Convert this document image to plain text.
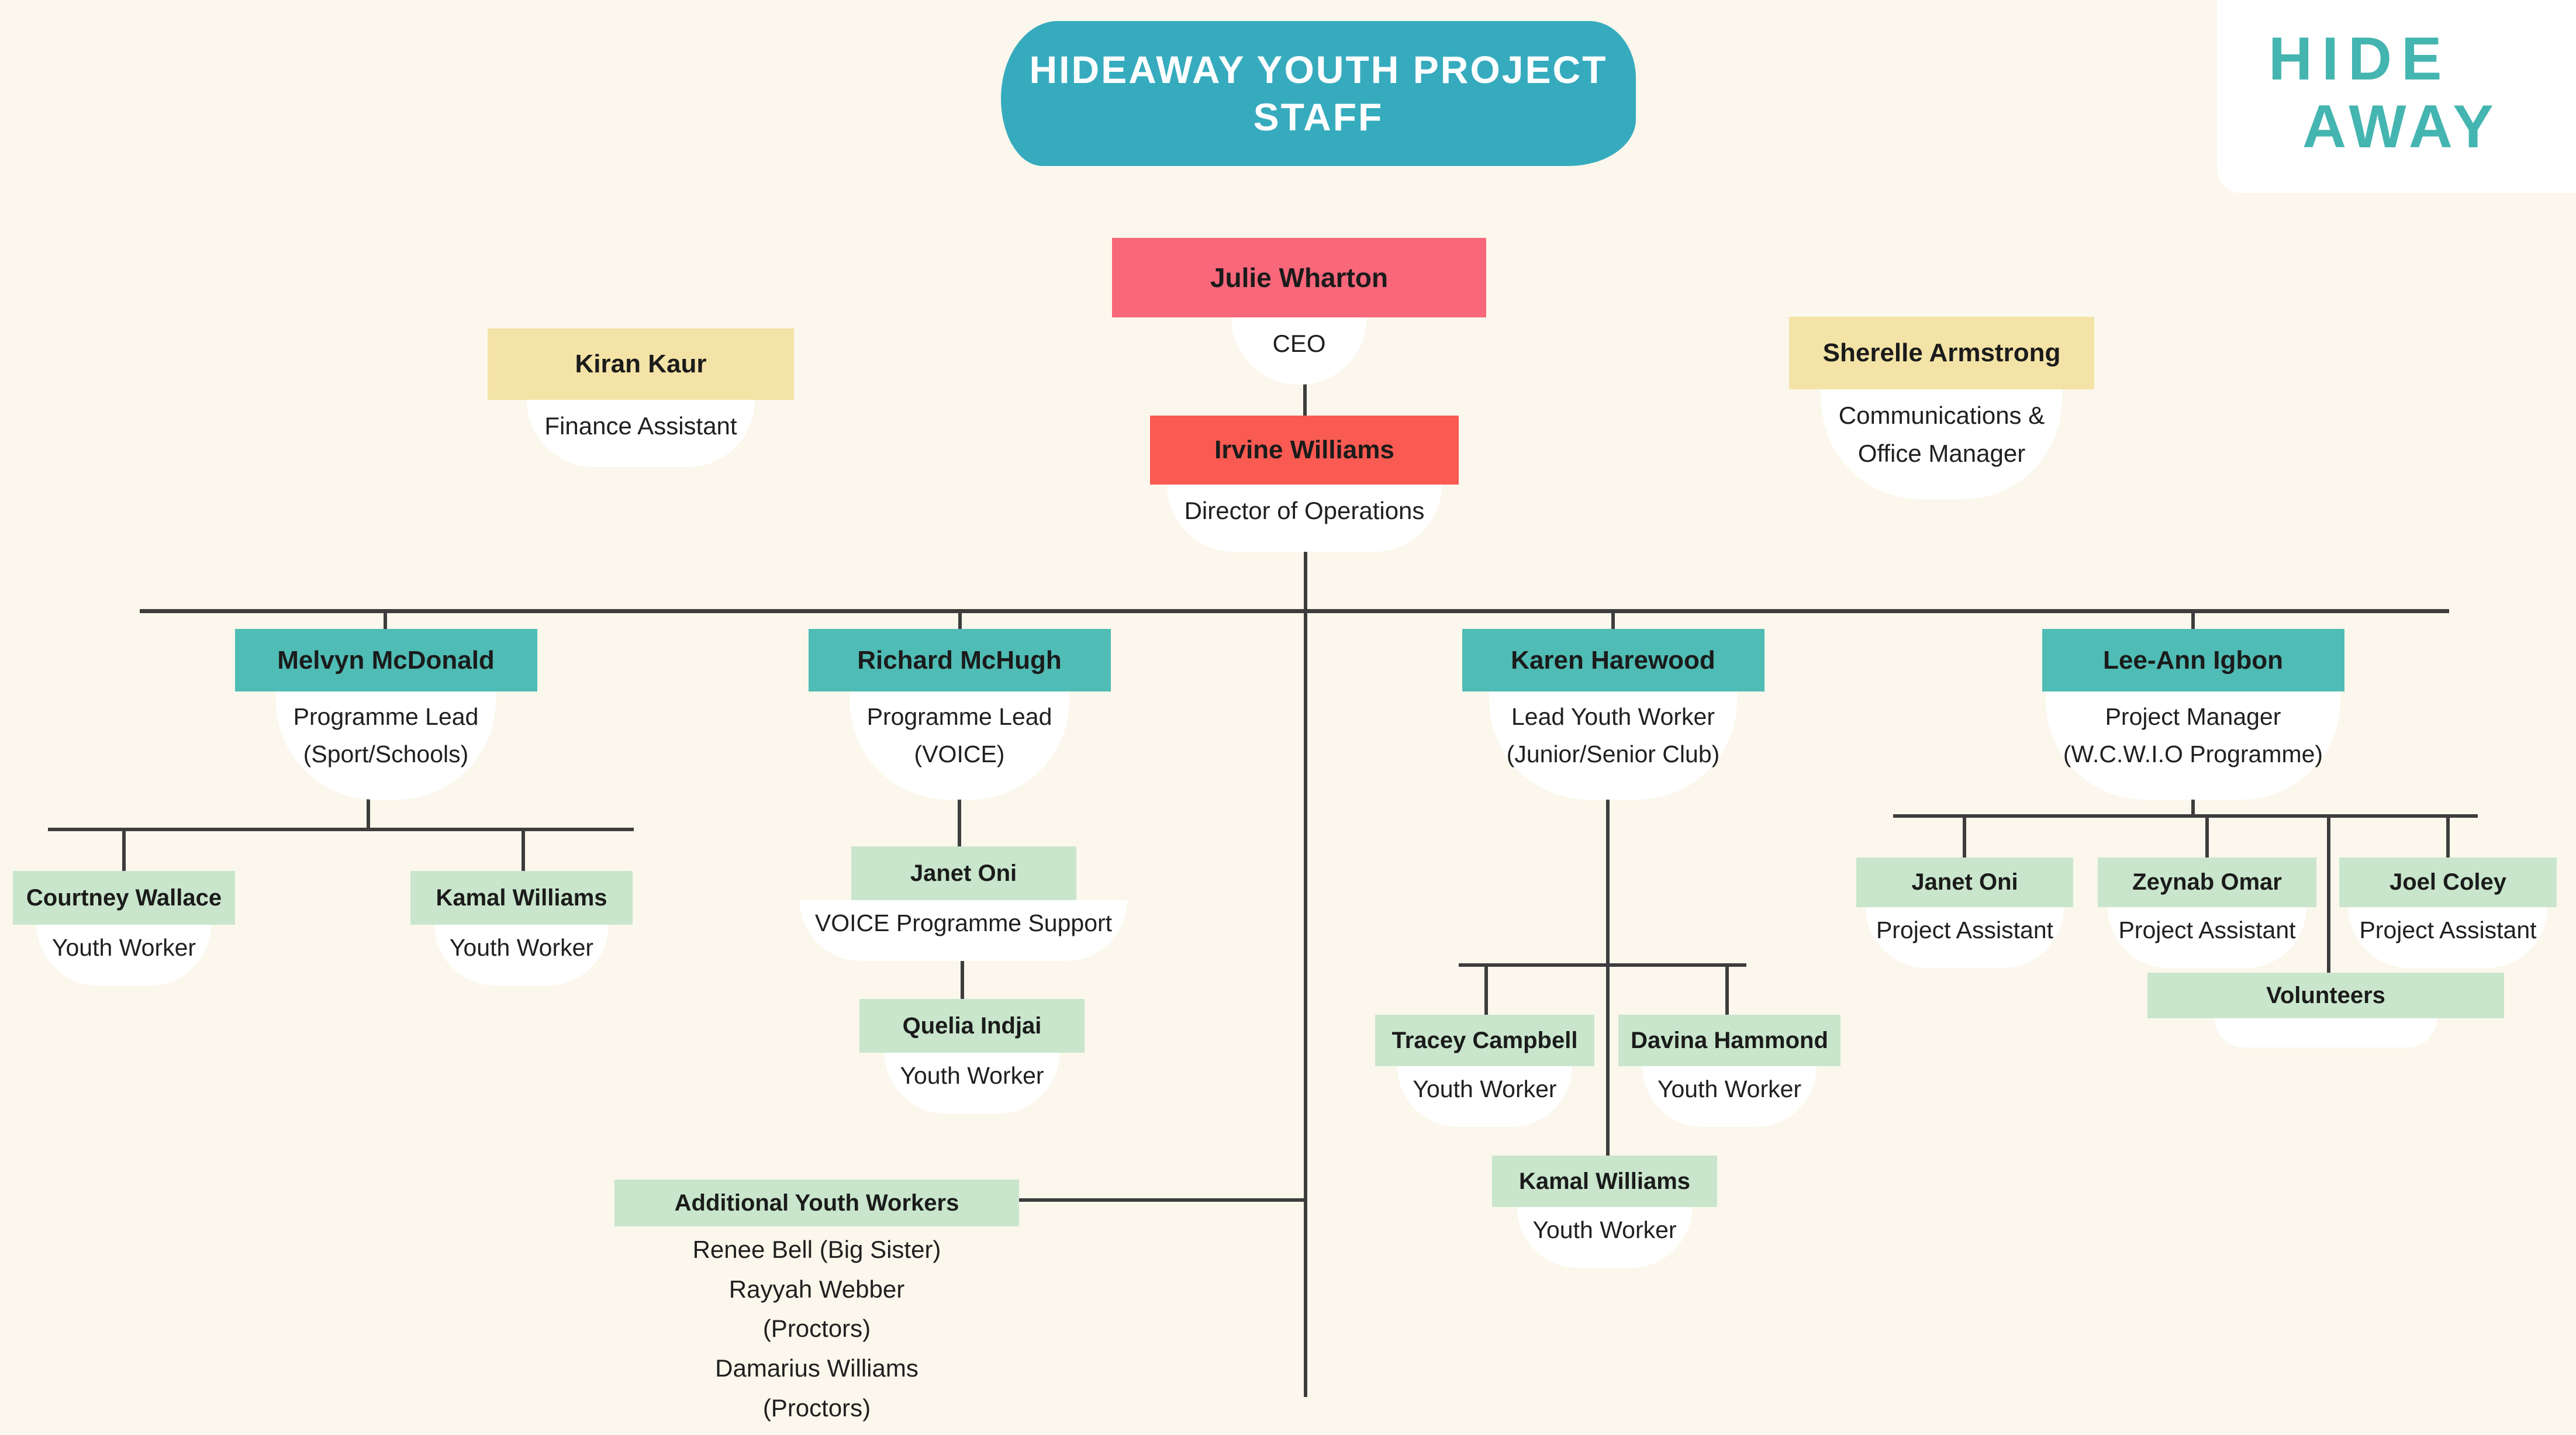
HIDEAWAY YOUTH PROJECT
STAFF
HIDE
AWAY
Julie Wharton
CEO
Irvine Williams
Director of Operations
Kiran Kaur
Finance Assistant
Sherelle Armstrong
Communications &
Office Manager
Melvyn McDonald
Programme Lead
(Sport/Schools)
Richard McHugh
Programme Lead
(VOICE)
Karen Harewood
Lead Youth Worker
(Junior/Senior Club)
Lee-Ann Igbon
Project Manager
(W.C.W.I.O Programme)
Courtney Wallace
Youth Worker
Kamal Williams
Youth Worker
Janet Oni
VOICE Programme Support
Quelia Indjai
Youth Worker
Tracey Campbell
Youth Worker
Davina Hammond
Youth Worker
Kamal Williams
Youth Worker
Janet Oni
Project Assistant
Zeynab Omar
Project Assistant
Joel Coley
Project Assistant
Volunteers
Additional Youth Workers
Renee Bell (Big Sister)
Rayyah Webber
(Proctors)
Damarius Williams
(Proctors)
